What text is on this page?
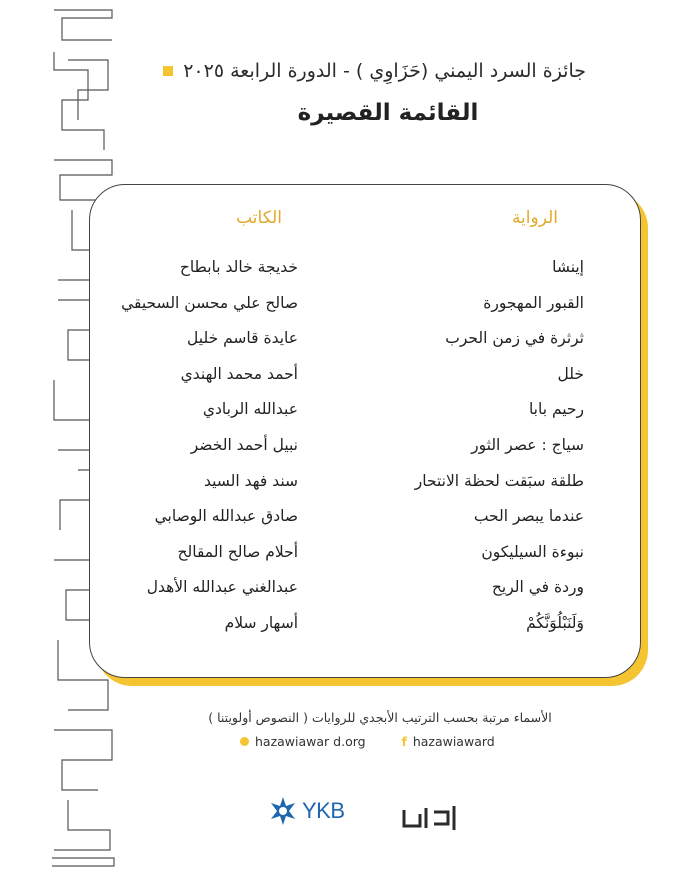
جائزة السرد اليمني (حَزَاوِي ) - الدورة الرابعة ٢٠٢٥
القائمة القصيرة
الرواية
الكاتب
إينشا
القبور المهجورة
ثرثرة في زمن الحرب
خلل
رحيم بابا
سياج : عصر الثور
طلقة سبَقت لحظة الانتحار
عندما يبصر الحب
نبوءة السيليكون
وردة في الريح
وَلَنَبْلُوَنَّكُمْ
خديجة خالد بابطاح
صالح علي محسن السحيقي
عايدة قاسم خليل
أحمد محمد الهندي
عبدالله الربادي
نبيل أحمد الخضر
سند فهد السيد
صادق عبدالله الوصابي
أحلام صالح المقالح
عبدالغني عبدالله الأهدل
أسهار سلام
الأسماء مرتبة بحسب الترتيب الأبجدي للروايات ( النصوص أولويتنا )
hazawiawar d.org	f hazawiaward
YKB
